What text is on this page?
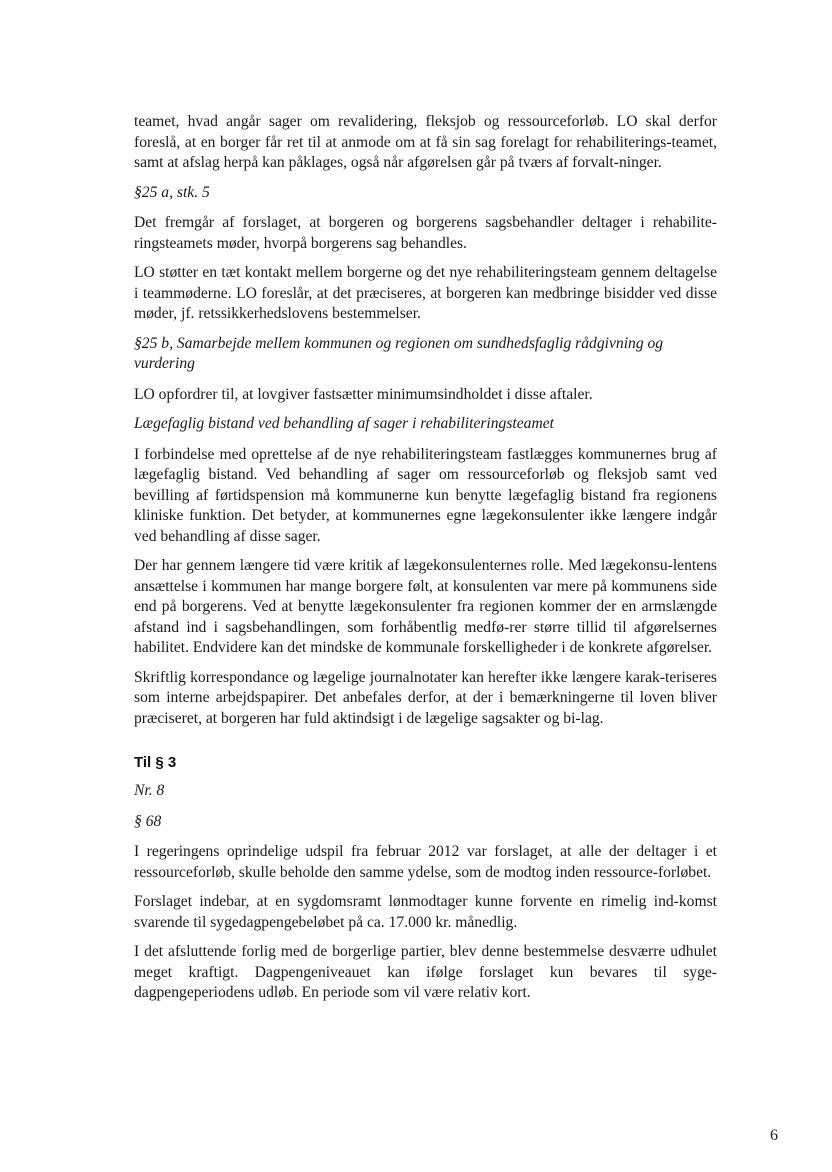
teamet, hvad angår sager om revalidering, fleksjob og ressourceforløb. LO skal derfor foreslå, at en borger får ret til at anmode om at få sin sag forelagt for rehabiliterings-teamet, samt at afslag herpå kan påklages, også når afgørelsen går på tværs af forvalt-ninger.

§25 a, stk. 5

Det fremgår af forslaget, at borgeren og borgerens sagsbehandler deltager i rehabilite-ringsteamets møder, hvorpå borgerens sag behandles.

LO støtter en tæt kontakt mellem borgerne og det nye rehabiliteringsteam gennem deltagelse i teammøderne. LO foreslår, at det præciseres, at borgeren kan medbringe bisidder ved disse møder, jf. retssikkerhedslovens bestemmelser.

§25 b, Samarbejde mellem kommunen og regionen om sundhedsfaglig rådgivning og vurdering

LO opfordrer til, at lovgiver fastsætter minimumsindholdet i disse aftaler.

Lægefaglig bistand ved behandling af sager i rehabiliteringsteamet

I forbindelse med oprettelse af de nye rehabiliteringsteam fastlægges kommunernes brug af lægefaglig bistand. Ved behandling af sager om ressourceforløb og fleksjob samt ved bevilling af førtidspension må kommunerne kun benytte lægefaglig bistand fra regionens kliniske funktion. Det betyder, at kommunernes egne lægekonsulenter ikke længere indgår ved behandling af disse sager.

Der har gennem længere tid være kritik af lægekonsulenternes rolle. Med lægekonsu-lentens ansættelse i kommunen har mange borgere følt, at konsulenten var mere på kommunens side end på borgerens. Ved at benytte lægekonsulenter fra regionen kommer der en armslængde afstand ind i sagsbehandlingen, som forhåbentlig medfø-rer større tillid til afgørelsernes habilitet. Endvidere kan det mindske de kommunale forskelligheder i de konkrete afgørelser.

Skriftlig korrespondance og lægelige journalnotater kan herefter ikke længere karak-teriseres som interne arbejdspapirer. Det anbefales derfor, at der i bemærkningerne til loven bliver præciseret, at borgeren har fuld aktindsigt i de lægelige sagsakter og bi-lag.

Til § 3

Nr. 8

§ 68

I regeringens oprindelige udspil fra februar 2012 var forslaget, at alle der deltager i et ressourceforløb, skulle beholde den samme ydelse, som de modtog inden ressource-forløbet.

Forslaget indebar, at en sygdomsramt lønmodtager kunne forvente en rimelig ind-komst svarende til sygedagpengebeløbet på ca. 17.000 kr. månedlig.

I det afsluttende forlig med de borgerlige partier, blev denne bestemmelse desværre udhulet meget kraftigt. Dagpengeniveauet kan ifølge forslaget kun bevares til syge-dagpengeperiodens udløb. En periode som vil være relativ kort.

6
